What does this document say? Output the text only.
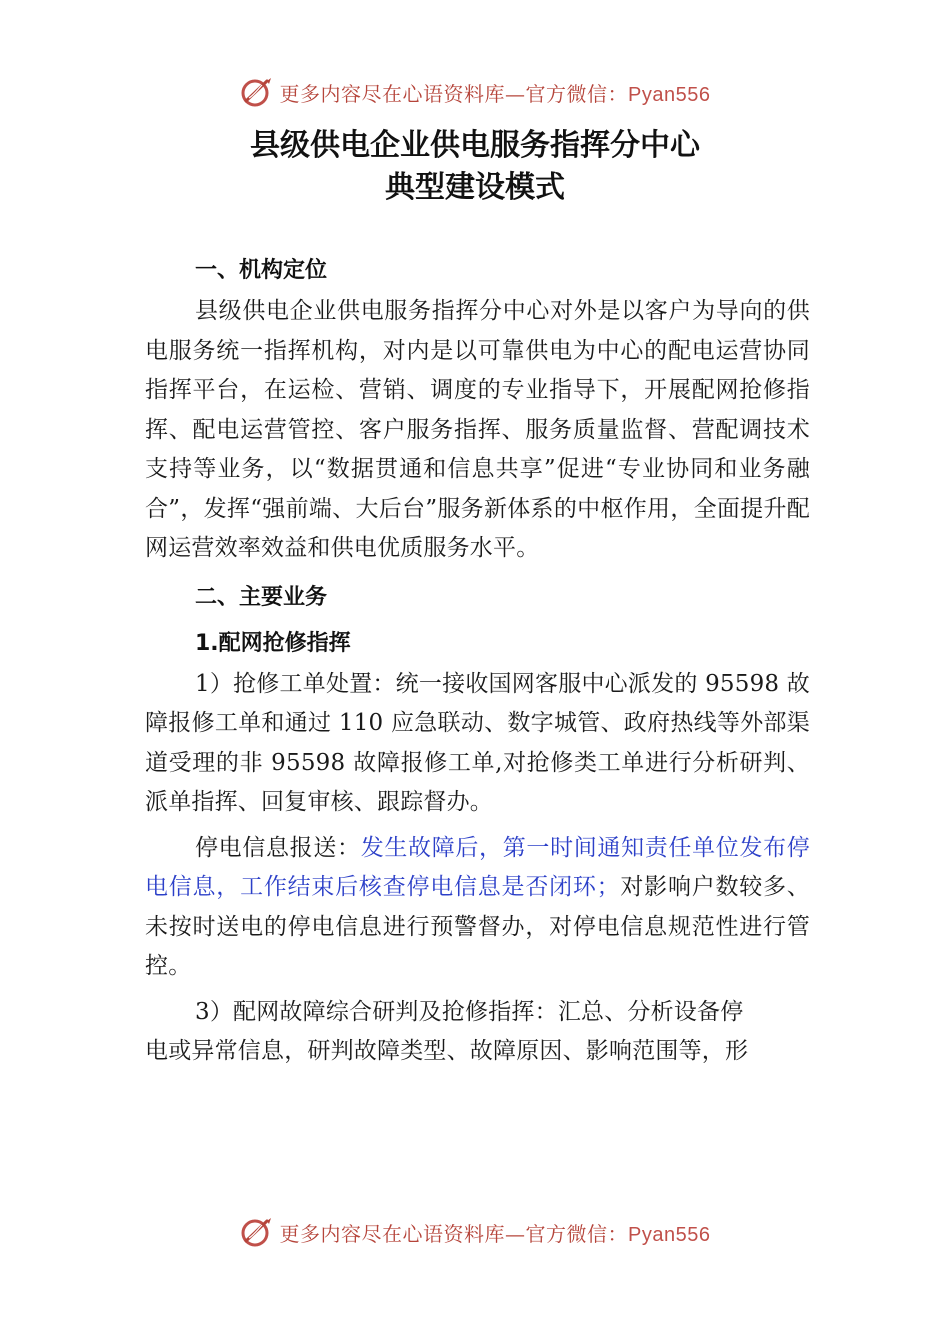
更多内容尽在心语资料库—官方微信：Pyan556
县级供电企业供电服务指挥分中心
典型建设模式
一、机构定位

县级供电企业供电服务指挥分中心对外是以客户为导向的供电服务统一指挥机构，对内是以可靠供电为中心的配电运营协同指挥平台，在运检、营销、调度的专业指导下，开展配网抢修指挥、配电运营管控、客户服务指挥、服务质量监督、营配调技术支持等业务，以“数据贯通和信息共享”促进“专业协同和业务融合”，发挥“强前端、大后台”服务新体系的中枢作用，全面提升配网运营效率效益和供电优质服务水平。

二、主要业务
1.配网抢修指挥

1）抢修工单处置：统一接收国网客服中心派发的 95598 故障报修工单和通过 110 应急联动、数字城管、政府热线等外部渠道受理的非 95598 故障报修工单,对抢修类工单进行分析研判、派单指挥、回复审核、跟踪督办。

停电信息报送：发生故障后，第一时间通知责任单位发布停电信息，工作结束后核查停电信息是否闭环；对影响户数较多、未按时送电的停电信息进行预警督办，对停电信息规范性进行管控。

3）配网故障综合研判及抢修指挥：汇总、分析设备停

电或异常信息，研判故障类型、故障原因、影响范围等，形

更多内容尽在心语资料库—官方微信：Pyan556
